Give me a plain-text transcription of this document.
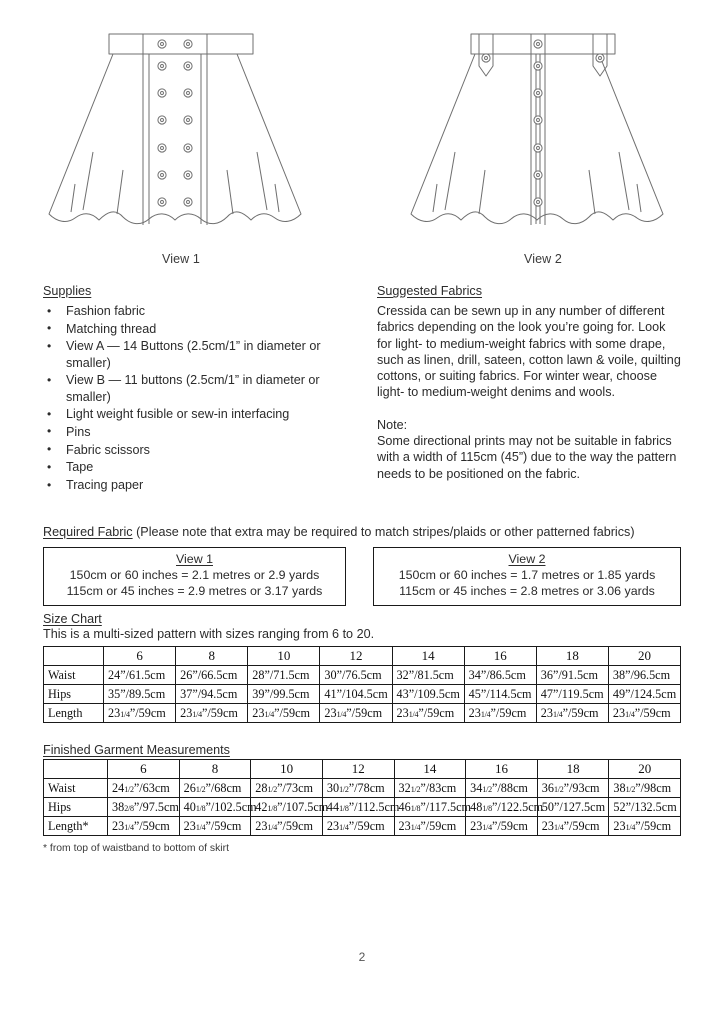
View 1	View 2
Supplies
• Fashion fabric
• Matching thread
• View A — 14 Buttons (2.5cm/1” in diameter or smaller)
• View B — 11 buttons (2.5cm/1” in diameter or smaller)
• Light weight fusible or sew-in interfacing
• Pins
• Fabric scissors
• Tape
• Tracing paper
Suggested Fabrics

Cressida can be sewn up in any number of different fabrics depending on the look you’re going for. Look for light- to medium-weight fabrics with some drape, such as linen, drill, sateen, cotton lawn & voile, quilting cottons, or suiting fabrics. For winter wear, choose light- to medium-weight denims and wools.

Note:

Some directional prints may not be suitable in fabrics with a width of 115cm (45”) due to the way the pattern needs to be positioned on the fabric.

Required Fabric (Please note that extra may be required to match stripes/plaids or other patterned fabrics)
View 1
150cm or 60 inches = 2.1 metres or 2.9 yards
115cm or 45 inches = 2.9 metres or 3.17 yards
View 2
150cm or 60 inches = 1.7 metres or 1.85 yards
115cm or 45 inches = 2.8 metres or 3.06 yards
Size Chart
This is a multi-sized pattern with sizes ranging from 6 to 20.
	6	8	10	12	14	16	18	20
Waist	24”/61.5cm	26”/66.5cm	28”/71.5cm	30”/76.5cm	32”/81.5cm	34”/86.5cm	36”/91.5cm	38”/96.5cm
Hips	35”/89.5cm	37”/94.5cm	39”/99.5cm	41”/104.5cm	43”/109.5cm	45”/114.5cm	47”/119.5cm	49”/124.5cm
Length	231/4”/59cm	231/4”/59cm	231/4”/59cm	231/4”/59cm	231/4”/59cm	231/4”/59cm	231/4”/59cm	231/4”/59cm
Finished Garment Measurements
	6	8	10	12	14	16	18	20
Waist	241/2”/63cm	261/2”/68cm	281/2”/73cm	301/2”/78cm	321/2”/83cm	341/2”/88cm	361/2”/93cm	381/2”/98cm
Hips	382/8”/97.5cm	401/8”/102.5cm	421/8”/107.5cm	441/8”/112.5cm	461/8”/117.5cm	481/8”/122.5cm	50”/127.5cm	52”/132.5cm
Length*	231/4”/59cm	231/4”/59cm	231/4”/59cm	231/4”/59cm	231/4”/59cm	231/4”/59cm	231/4”/59cm	231/4”/59cm
* from top of waistband to bottom of skirt
2
